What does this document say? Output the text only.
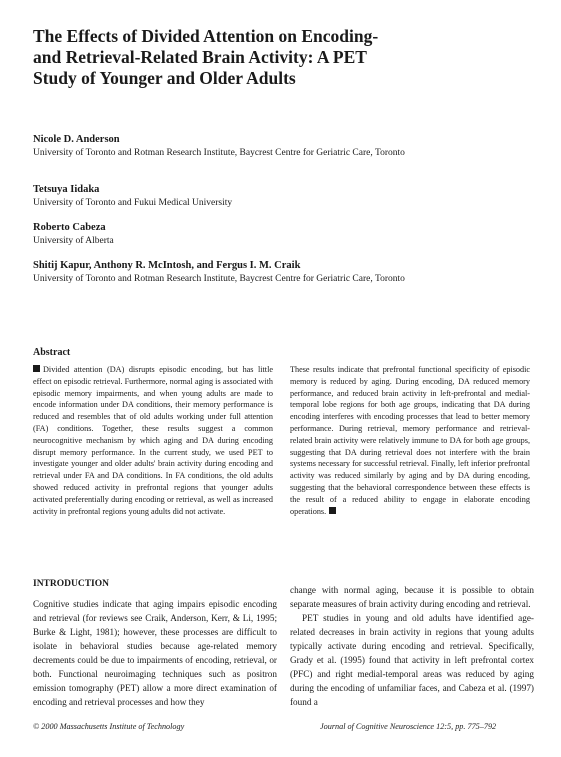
The Effects of Divided Attention on Encoding- and Retrieval-Related Brain Activity: A PET Study of Younger and Older Adults
Nicole D. Anderson
University of Toronto and Rotman Research Institute, Baycrest Centre for Geriatric Care, Toronto
Tetsuya Iidaka
University of Toronto and Fukui Medical University
Roberto Cabeza
University of Alberta
Shitij Kapur, Anthony R. McIntosh, and Fergus I. M. Craik
University of Toronto and Rotman Research Institute, Baycrest Centre for Geriatric Care, Toronto
Abstract
Divided attention (DA) disrupts episodic encoding, but has little effect on episodic retrieval. Furthermore, normal aging is associated with episodic memory impairments, and when young adults are made to encode information under DA conditions, their memory performance is reduced and resembles that of old adults working under full attention (FA) conditions. Together, these results suggest a common neurocognitive mechanism by which aging and DA during encoding disrupt memory performance. In the current study, we used PET to investigate younger and older adults' brain activity during encoding and retrieval under FA and DA conditions. In FA conditions, the old adults showed reduced activity in prefrontal regions that younger adults activated preferentially during encoding or retrieval, as well as increased activity in prefrontal regions young adults did not activate.
These results indicate that prefrontal functional specificity of episodic memory is reduced by aging. During encoding, DA reduced memory performance, and reduced brain activity in left-prefrontal and medial-temporal lobe regions for both age groups, indicating that DA during encoding interferes with encoding processes that lead to better memory performance. During retrieval, memory performance and retrieval-related brain activity were relatively immune to DA for both age groups, suggesting that DA during retrieval does not interfere with the brain systems necessary for successful retrieval. Finally, left inferior prefrontal activity was reduced similarly by aging and by DA during encoding, suggesting that the behavioral correspondence between these effects is the result of a reduced ability to engage in elaborate encoding operations.
INTRODUCTION

Cognitive studies indicate that aging impairs episodic encoding and retrieval (for reviews see Craik, Anderson, Kerr, & Li, 1995; Burke & Light, 1981); however, these processes are difficult to isolate in behavioral studies because age-related memory decrements could be due to impairments of encoding, retrieval, or both. Functional neuroimaging techniques such as positron emission tomography (PET) allow a more direct examination of encoding and retrieval processes and how they

change with normal aging, because it is possible to obtain separate measures of brain activity during encoding and retrieval.

PET studies in young and old adults have identified age-related decreases in brain activity in regions that young adults typically activate during encoding and retrieval. Specifically, Grady et al. (1995) found that activity in left prefrontal cortex (PFC) and right medial-temporal areas was reduced by aging during the encoding of unfamiliar faces, and Cabeza et al. (1997) found a

© 2000 Massachusetts Institute of Technology	Journal of Cognitive Neuroscience 12:5, pp. 775–792
